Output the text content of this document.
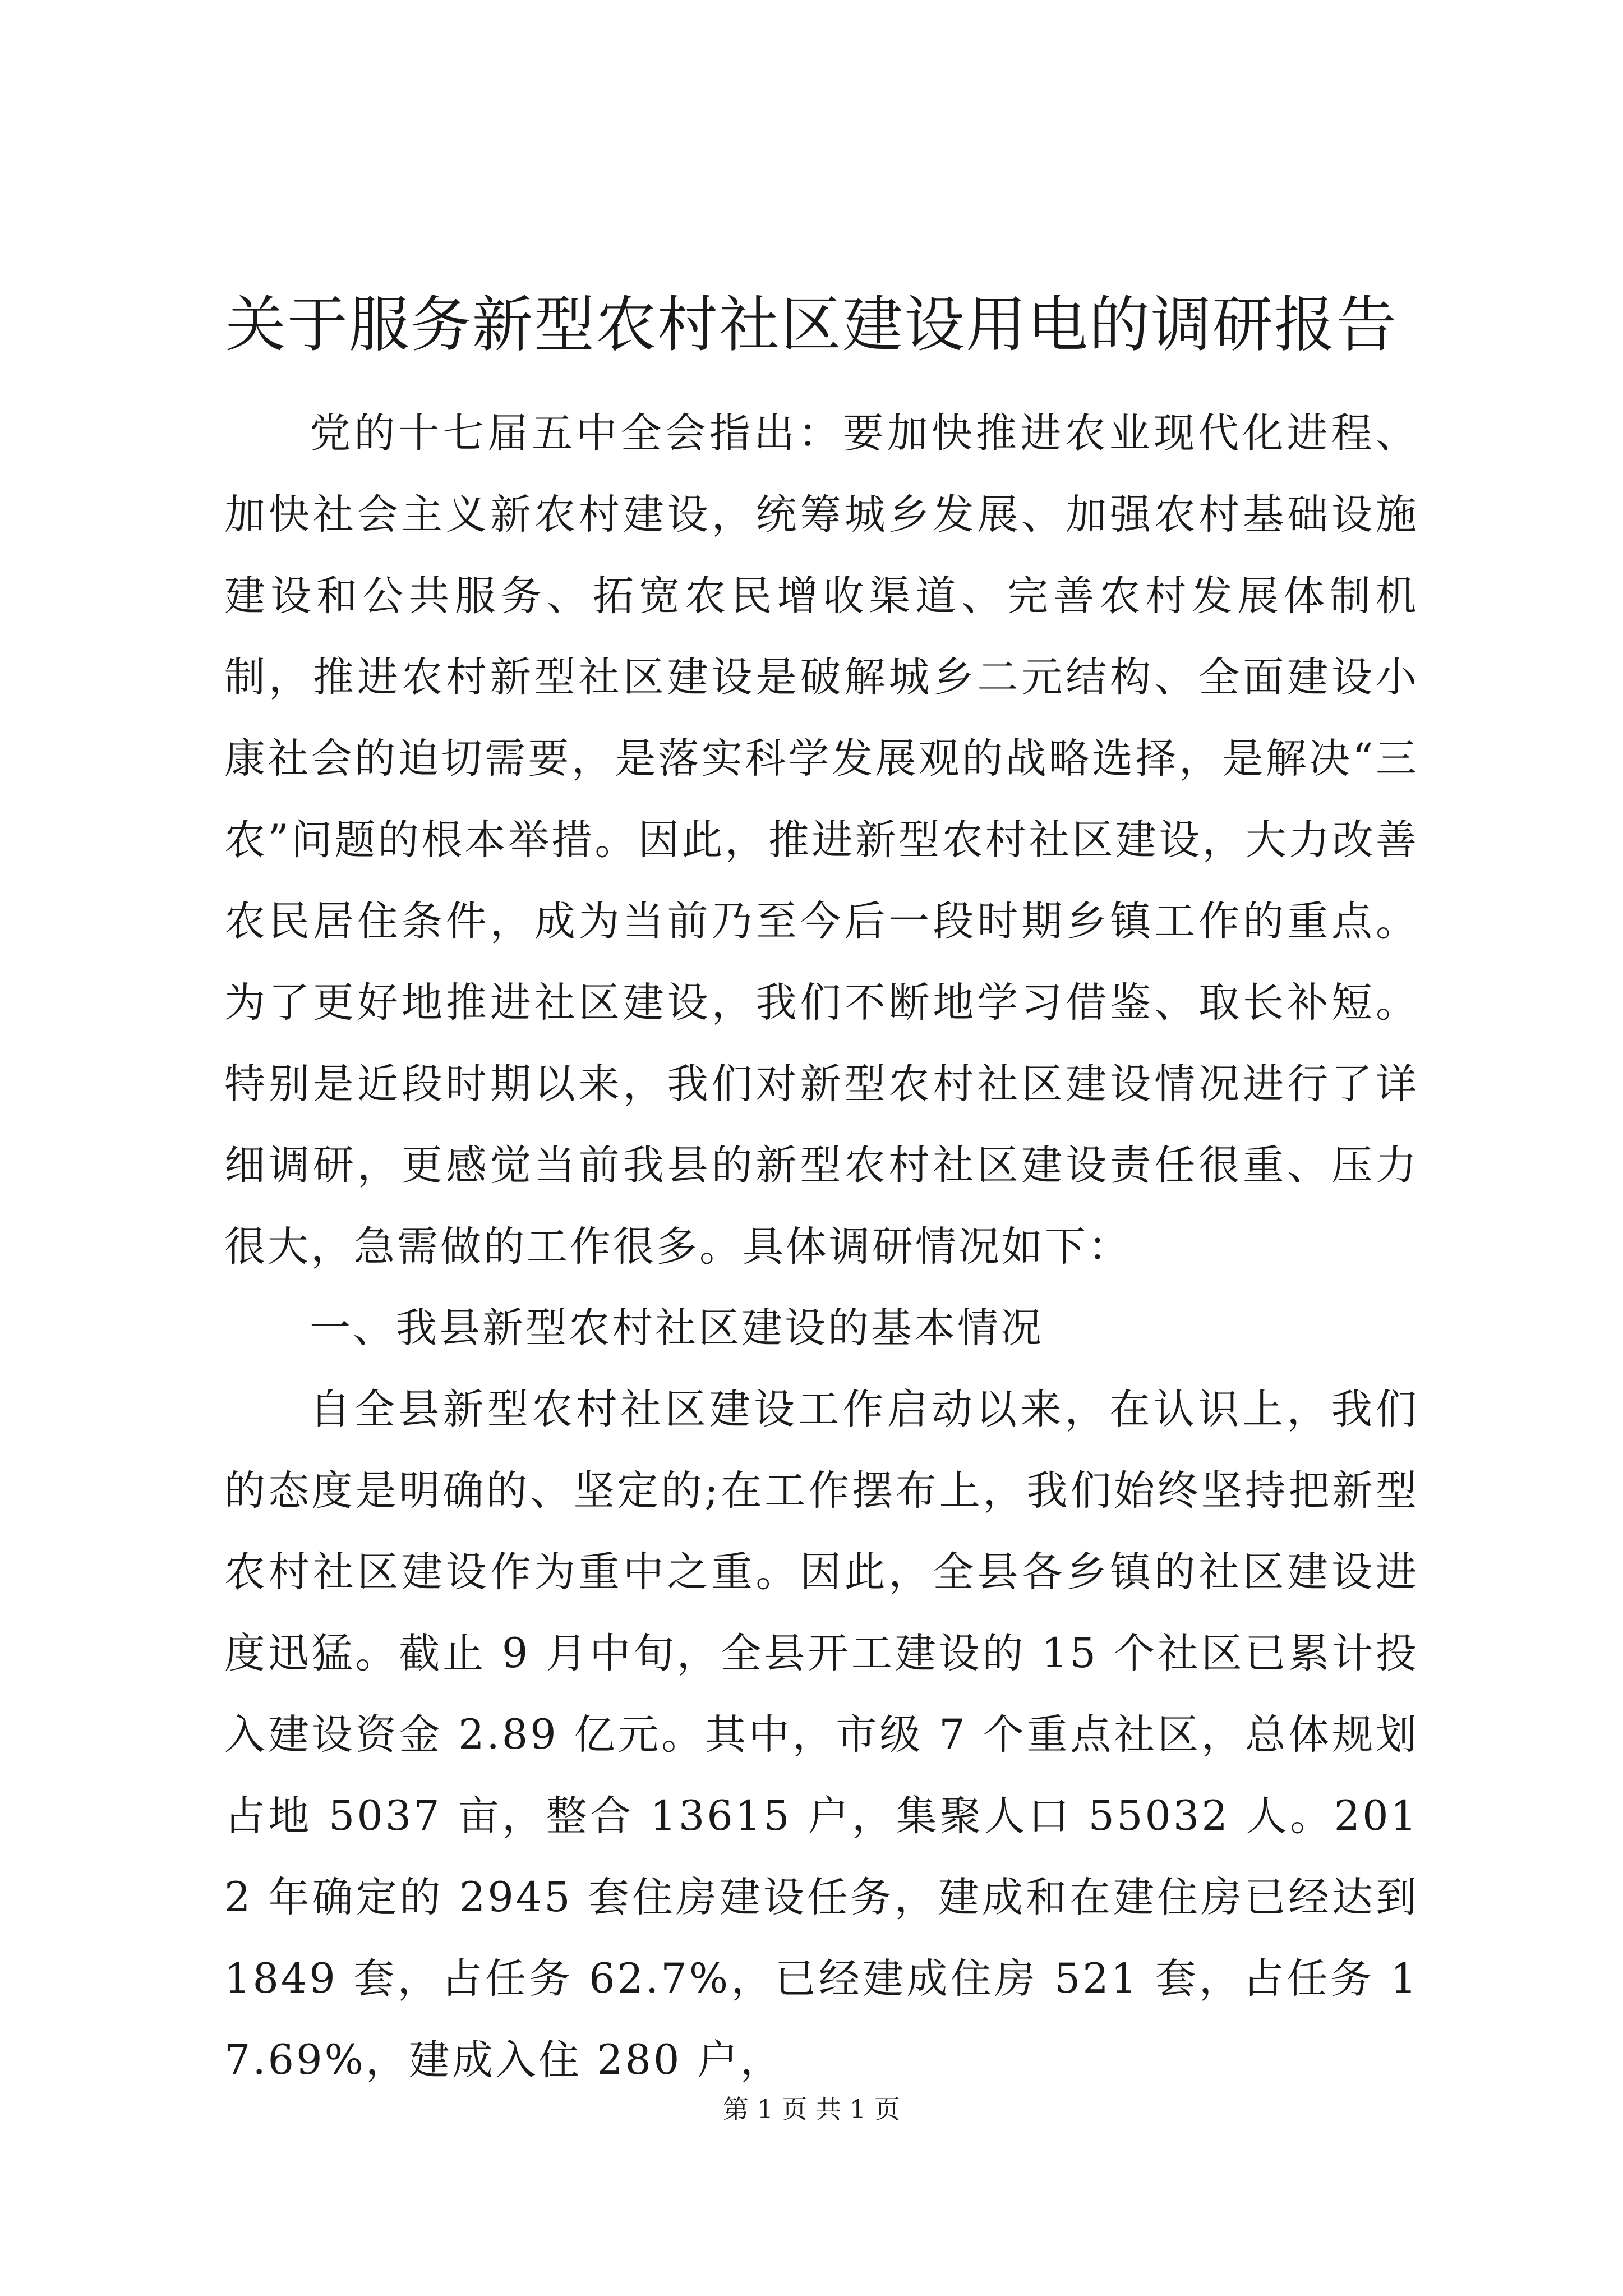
关于服务新型农村社区建设用电的调研报告

党的十七届五中全会指出：要加快推进农业现代化进程、加快社会主义新农村建设，统筹城乡发展、加强农村基础设施建设和公共服务、拓宽农民增收渠道、完善农村发展体制机制，推进农村新型社区建设是破解城乡二元结构、全面建设小康社会的迫切需要，是落实科学发展观的战略选择，是解决“三农”问题的根本举措。因此，推进新型农村社区建设，大力改善农民居住条件，成为当前乃至今后一段时期乡镇工作的重点。为了更好地推进社区建设，我们不断地学习借鉴、取长补短。特别是近段时期以来，我们对新型农村社区建设情况进行了详细调研，更感觉当前我县的新型农村社区建设责任很重、压力很大，急需做的工作很多。具体调研情况如下：

一、我县新型农村社区建设的基本情况

自全县新型农村社区建设工作启动以来，在认识上，我们的态度是明确的、坚定的;在工作摆布上，我们始终坚持把新型农村社区建设作为重中之重。因此，全县各乡镇的社区建设进度迅猛。截止 9 月中旬，全县开工建设的 15 个社区已累计投入建设资金 2.89 亿元。其中，市级 7 个重点社区，总体规划占地 5037 亩，整合 13615 户，集聚人口 55032 人。2012 年确定的 2945 套住房建设任务，建成和在建住房已经达到 1849 套，占任务 62.7%，已经建成住房 521 套，占任务 17.69%，建成入住 280 户，

第 1 页 共 1 页
